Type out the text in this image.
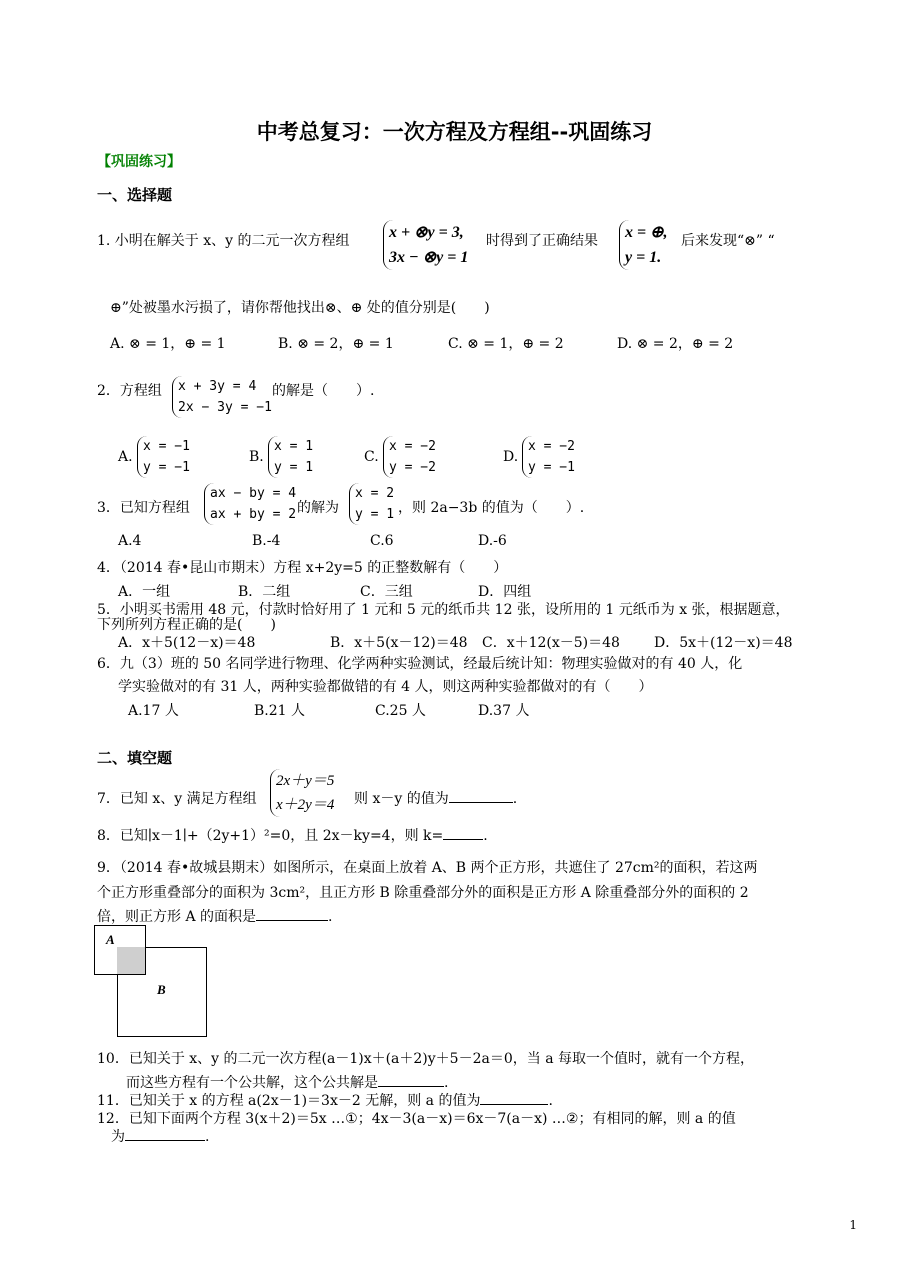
中考总复习：一次方程及方程组--巩固练习
【巩固练习】
一、选择题
1. 小明在解关于 x、y 的二元一次方程组 x + ⊗y = 3,
3x − ⊗y = 1
时得到了正确结果 x = ⊕,
y = 1.
后来发现“⊗” “
⊕”处被墨水污损了，请你帮他找出⊗、⊕ 处的值分别是(　　)
A. ⊗ = 1，⊕ = 1	B. ⊗ = 2，⊕ = 1	C. ⊗ = 1，⊕ = 2	D. ⊗ = 2，⊕ = 2
2．方程组 x + 3y = 4
2x − 3y = −1
的解是（　　）.
A.
x = −1
y = −1
B.
x = 1
y = 1
C.
x = −2
y = −2
D.
x = −2
y = −1
3．已知方程组
ax − by = 4
ax + by = 2 的解为
x = 2
y = 1 ，则 2a−3b 的值为（　　）.
A.4	B.-4	C.6	D.-6
4．（2014 春•昆山市期末）方程 x+2y=5 的正整数解有（　　）
A．一组	B．二组	C．三组	D．四组
5．小明买书需用 48 元，付款时恰好用了 1 元和 5 元的纸币共 12 张，设所用的 1 元纸币为 x 张，根据题意，
下列所列方程正确的是(　　)
A．x＋5(12－x)＝48	B．x＋5(x－12)＝48 C．x＋12(x－5)＝48 D．5x＋(12－x)＝48
6．九（3）班的 50 名同学进行物理、化学两种实验测试，经最后统计知：物理实验做对的有 40 人，化
学实验做对的有 31 人，两种实验都做错的有 4 人，则这两种实验都做对的有（　　）
A.17 人	B.21 人	C.25 人	D.37 人
二、填空题
7．已知 x、y 满足方程组
2x＋y＝5
x＋2y＝4 则 x－y 的值为	.
8．已知∣x－1∣+（2y+1）²=0，且 2x－ky=4，则 k=	.
9．（2014 春•故城县期末）如图所示，在桌面上放着 A、B 两个正方形，共遮住了 27cm²的面积，若这两
个正方形重叠部分的面积为 3cm²，且正方形 B 除重叠部分外的面积是正方形 A 除重叠部分外的面积的 2
倍，则正方形 A 的面积是	.
A
B
10．已知关于 x、y 的二元一次方程(a－1)x＋(a＋2)y＋5－2a＝0，当 a 每取一个值时，就有一个方程，
而这些方程有一个公共解，这个公共解是	.
11．已知关于 x 的方程 a(2x－1)＝3x－2 无解，则 a 的值为	.
12．已知下面两个方程 3(x＋2)＝5x …①；4x－3(a－x)＝6x－7(a－x) …②；有相同的解，则 a 的值
为	.
1
